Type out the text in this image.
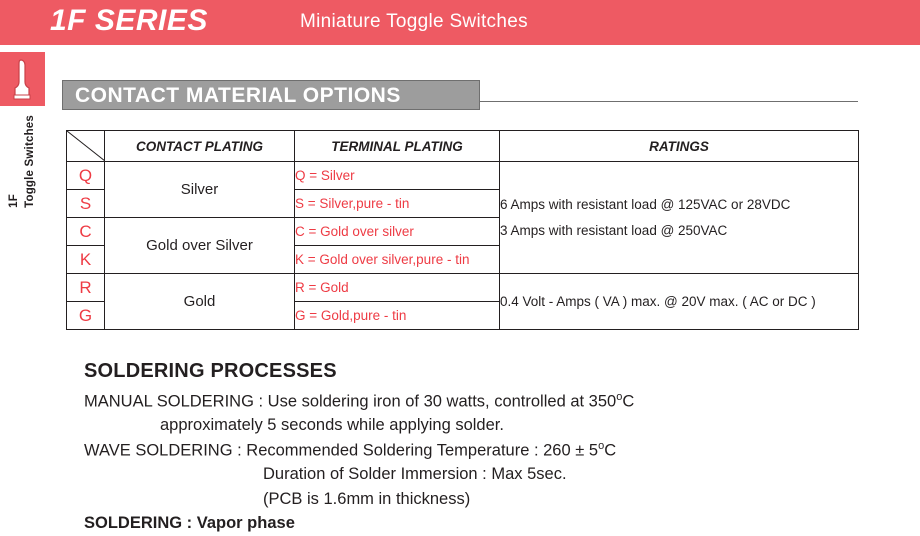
1F SERIES	Miniature Toggle Switches
1F Toggle Switches
CONTACT MATERIAL OPTIONS
	CONTACT PLATING	TERMINAL PLATING	RATINGS
Q	Silver	Q = Silver	6 Amps with resistant load @ 125VAC or 28VDC
3 Amps with resistant load @ 250VAC

S		S = Silver,pure - tin	
C	Gold over Silver	C = Gold over silver	
K		K = Gold over silver,pure - tin	
R	Gold	R = Gold	0.4 Volt - Amps ( VA ) max. @ 20V max. ( AC or DC )

G		G = Gold,pure - tin	
SOLDERING PROCESSES
MANUAL SOLDERING : Use soldering iron of 30 watts, controlled at 350$^o$C
approximately 5 seconds while applying solder.
WAVE SOLDERING : Recommended Soldering Temperature : $260 \pm 5^oC$
Duration of Solder Immersion : Max 5sec.
(PCB is 1.6mm in thickness)
SOLDERING : Vapor phase
